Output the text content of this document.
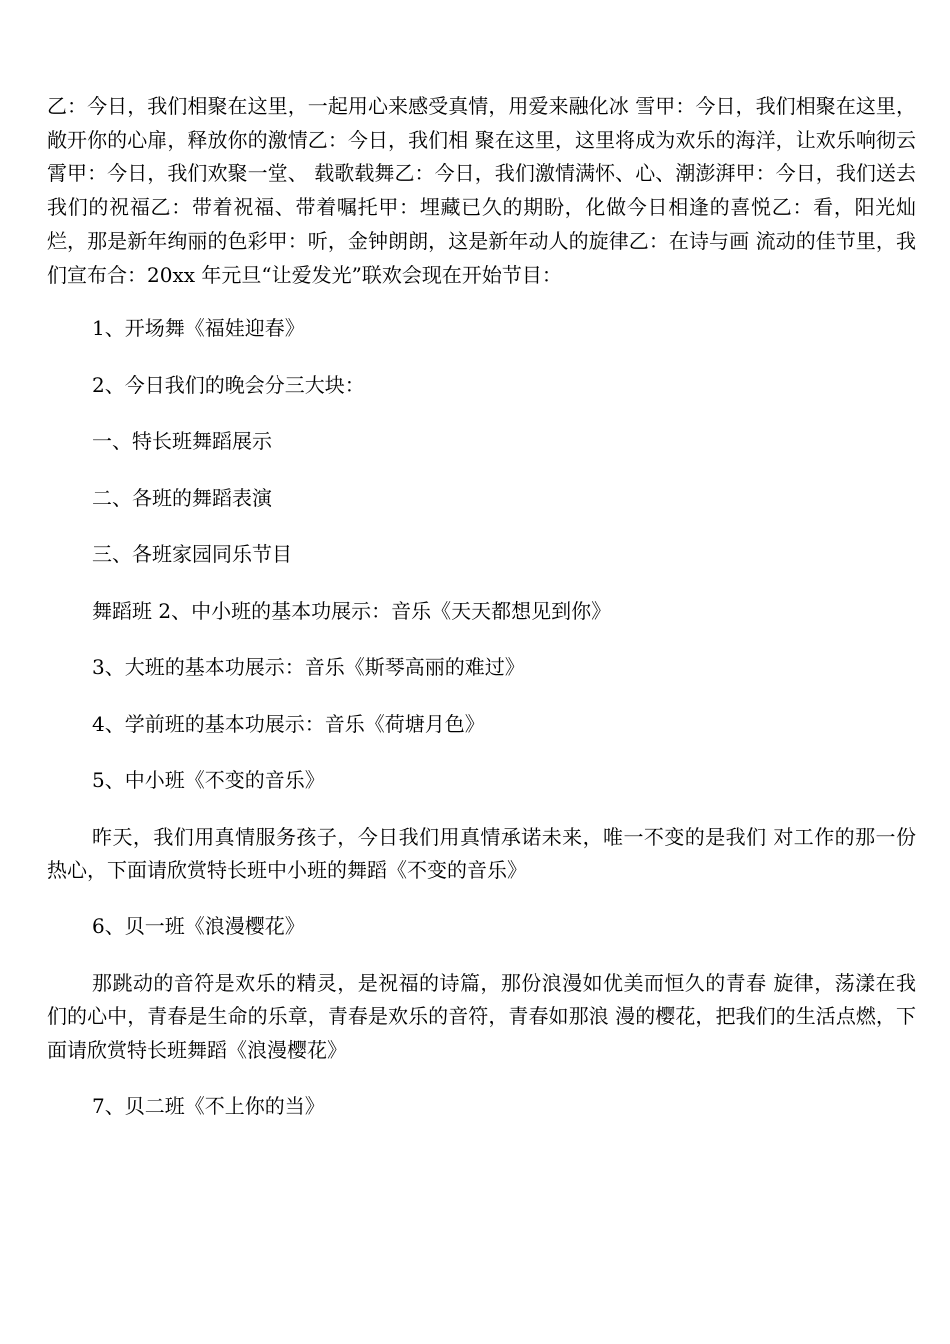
乙：今日，我们相聚在这里，一起用心来感受真情，用爱来融化冰 雪甲：今日，我们相聚在这里，敞开你的心扉，释放你的激情乙：今日，我们相 聚在这里，这里将成为欢乐的海洋，让欢乐响彻云霄甲：今日，我们欢聚一堂、 载歌载舞乙：今日，我们激情满怀、心、潮澎湃甲：今日，我们送去我们的祝福乙：带着祝福、带着嘱托甲：埋藏已久的期盼，化做今日相逢的喜悦乙：看，阳光灿 烂，那是新年绚丽的色彩甲：听，金钟朗朗，这是新年动人的旋律乙：在诗与画 流动的佳节里，我们宣布合：20xx 年元旦“让爱发光”联欢会现在开始节目：

1、开场舞《福娃迎春》

2、今日我们的晚会分三大块：

一、特长班舞蹈展示

二、各班的舞蹈表演

三、各班家园同乐节目

舞蹈班 2、中小班的基本功展示：音乐《天天都想见到你》

3、大班的基本功展示：音乐《斯琴高丽的难过》

4、学前班的基本功展示：音乐《荷塘月色》

5、中小班《不变的音乐》

昨天，我们用真情服务孩子，今日我们用真情承诺未来，唯一不变的是我们 对工作的那一份热心，下面请欣赏特长班中小班的舞蹈《不变的音乐》

6、贝一班《浪漫樱花》

那跳动的音符是欢乐的精灵，是祝福的诗篇，那份浪漫如优美而恒久的青春 旋律，荡漾在我们的心中，青春是生命的乐章，青春是欢乐的音符，青春如那浪 漫的樱花，把我们的生活点燃，下面请欣赏特长班舞蹈《浪漫樱花》

7、贝二班《不上你的当》
